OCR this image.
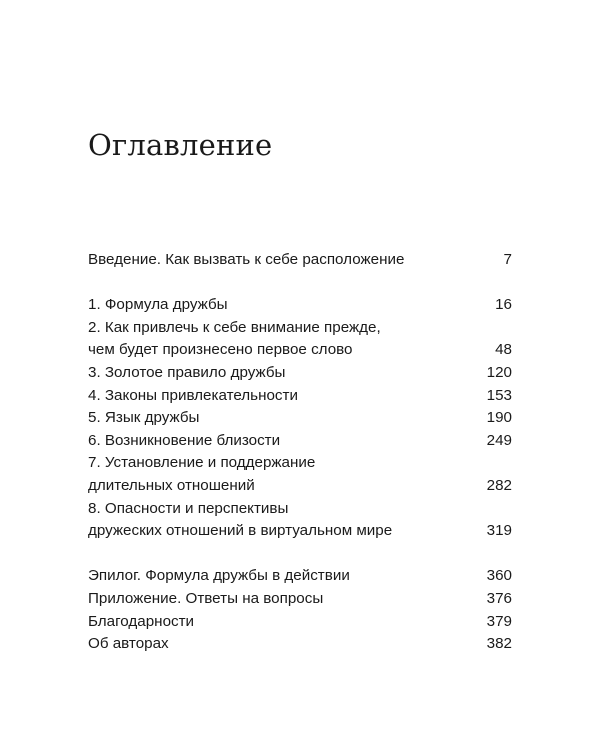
Оглавление
Введение. Как вызвать к себе расположение	7
1. Формула дружбы	16
2. Как привлечь к себе внимание прежде,
чем будет произнесено первое слово	48
3. Золотое правило дружбы	120
4. Законы привлекательности	153
5. Язык дружбы	190
6. Возникновение близости	249
7. Установление и поддержание
длительных отношений	282
8. Опасности и перспективы
дружеских отношений в виртуальном мире	319
Эпилог. Формула дружбы в действии	360
Приложение. Ответы на вопросы	376
Благодарности	379
Об авторах	382
